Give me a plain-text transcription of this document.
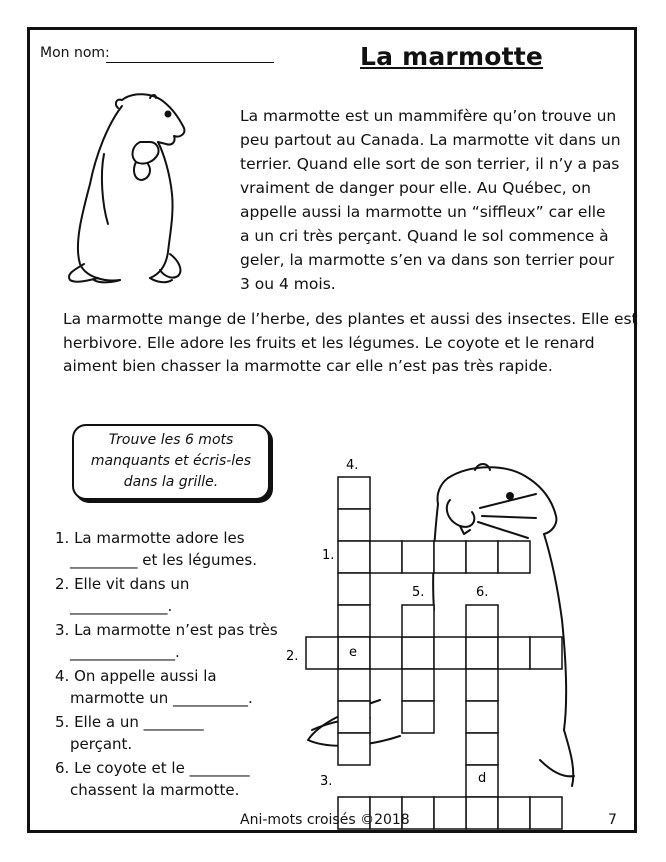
Mon nom:	La marmotte
La marmotte est un mammifère qu’on trouve un
peu partout au Canada. La marmotte vit dans un
terrier. Quand elle sort de son terrier, il n’y a pas
vraiment de danger pour elle. Au Québec, on
appelle aussi la marmotte un “siffleux” car elle
a un cri très perçant. Quand le sol commence à
geler, la marmotte s’en va dans son terrier pour
3 ou 4 mois.
La marmotte mange de l’herbe, des plantes et aussi des insectes. Elle est
herbivore. Elle adore les fruits et les légumes. Le coyote et le renard
aiment bien chasser la marmotte car elle n’est pas très rapide.
Trouve les 6 mots
manquants et écris-les
dans la grille.
1. La marmotte adore les
_________ et les légumes.
2. Elle vit dans un
_____________.
3. La marmotte n’est pas très
______________.
4. On appelle aussi la
marmotte un __________.
5. Elle a un ________
perçant.
6. Le coyote et le ________
chassent la marmotte.
4.
1.
5.	6.
2.
3.
e
d
Ani-mots croisés ©2018	7
